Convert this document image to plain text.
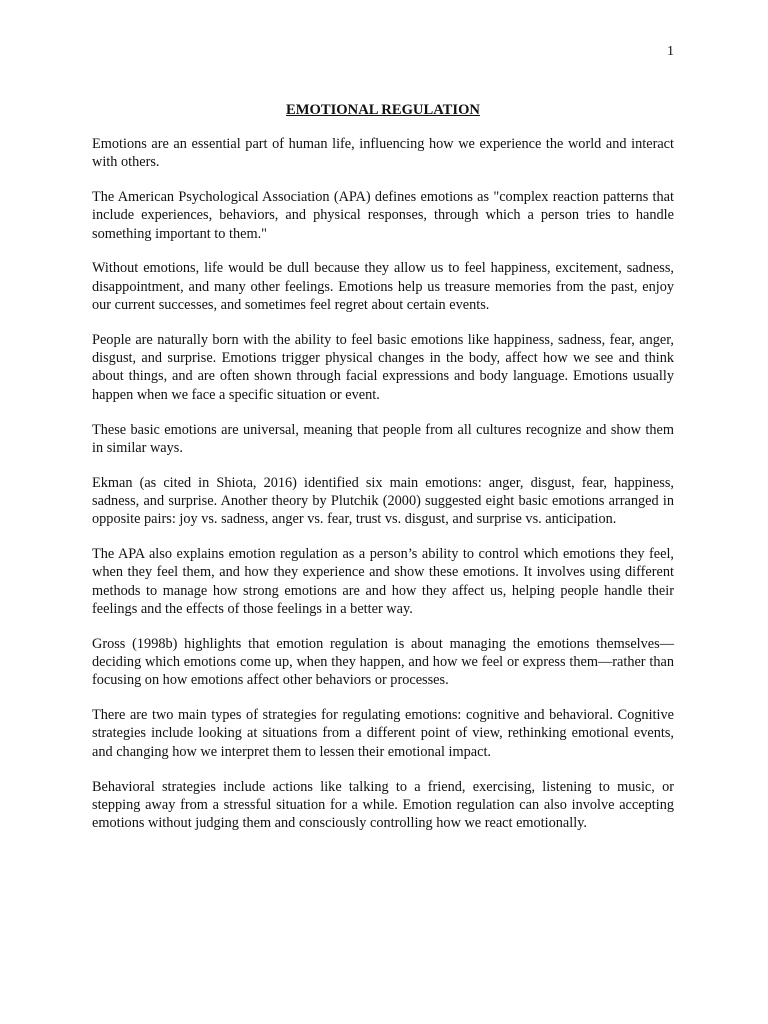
1
EMOTIONAL REGULATION

Emotions are an essential part of human life, influencing how we experience the world and interact with others.

The American Psychological Association (APA) defines emotions as "complex reaction patterns that include experiences, behaviors, and physical responses, through which a person tries to handle something important to them."

Without emotions, life would be dull because they allow us to feel happiness, excitement, sadness, disappointment, and many other feelings. Emotions help us treasure memories from the past, enjoy our current successes, and sometimes feel regret about certain events.

People are naturally born with the ability to feel basic emotions like happiness, sadness, fear, anger, disgust, and surprise. Emotions trigger physical changes in the body, affect how we see and think about things, and are often shown through facial expressions and body language. Emotions usually happen when we face a specific situation or event.

These basic emotions are universal, meaning that people from all cultures recognize and show them in similar ways.

Ekman (as cited in Shiota, 2016) identified six main emotions: anger, disgust, fear, happiness, sadness, and surprise. Another theory by Plutchik (2000) suggested eight basic emotions arranged in opposite pairs: joy vs. sadness, anger vs. fear, trust vs. disgust, and surprise vs. anticipation.

The APA also explains emotion regulation as a person’s ability to control which emotions they feel, when they feel them, and how they experience and show these emotions. It involves using different methods to manage how strong emotions are and how they affect us, helping people handle their feelings and the effects of those feelings in a better way.

Gross (1998b) highlights that emotion regulation is about managing the emotions themselves—deciding which emotions come up, when they happen, and how we feel or express them—rather than focusing on how emotions affect other behaviors or processes.

There are two main types of strategies for regulating emotions: cognitive and behavioral. Cognitive strategies include looking at situations from a different point of view, rethinking emotional events, and changing how we interpret them to lessen their emotional impact.

Behavioral strategies include actions like talking to a friend, exercising, listening to music, or stepping away from a stressful situation for a while. Emotion regulation can also involve accepting emotions without judging them and consciously controlling how we react emotionally.
